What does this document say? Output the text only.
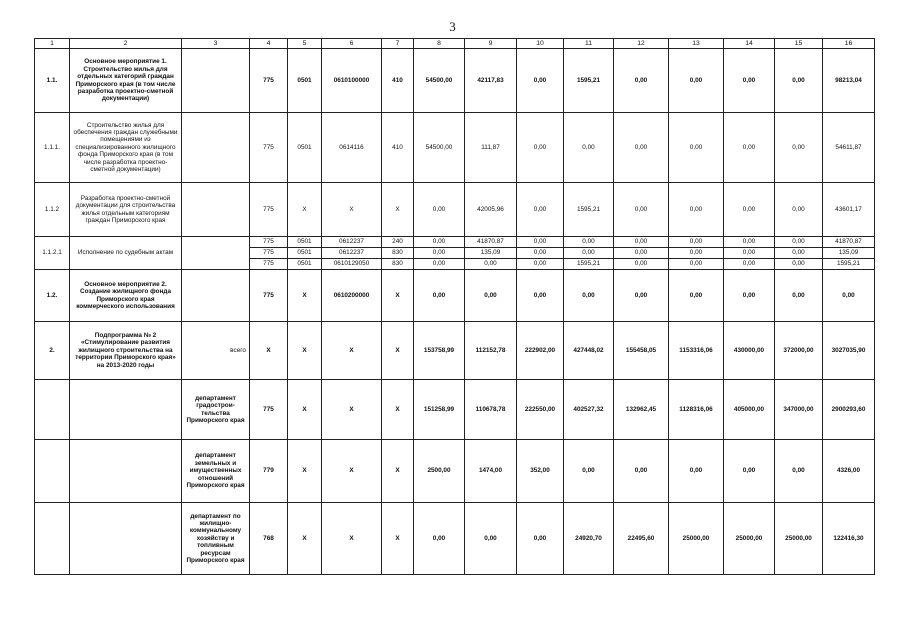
3
1	2	3	4	5	6	7	8	9	10	11	12	13	14	15	16
1.1.	Основное мероприятие 1. Строительство жилья для отдельных категорий граждан Приморского края (в том числе разработка проектно-сметной документации)		775	0501	0610100000	410	54500,00	42117,83	0,00	1595,21	0,00	0,00	0,00	0,00	98213,04
1.1.1.	Строительство жилья для обеспечения граждан служебными помещениями из специализированного жилищного фонда Приморского края (в том числе разработка проектно-сметной документации)		775	0501	0614116	410	54500,00	111,87	0,00	0,00	0,00	0,00	0,00	0,00	54611,87
1.1.2	Разработка проектно-сметной документации для строительства жилья отдельным категориям граждан Приморского края		775	Х	Х	Х	0,00	42005,96	0,00	1595,21	0,00	0,00	0,00	0,00	43601,17
1.1.2.1	Исполнение по судебным актам		775	0501	0612237	240	0,00	41870,87	0,00	0,00	0,00	0,00	0,00	0,00	41870,87
			775	0501	0612237	830	0,00	135,09	0,00	0,00	0,00	0,00	0,00	0,00	135,09
			775	0501	0610129050	830	0,00	0,00	0,00	1595,21	0,00	0,00	0,00	0,00	1595,21
1.2.	Основное мероприятие 2. Создание жилищного фонда Приморского края коммерческого использования		775	Х	0610200000	Х	0,00	0,00	0,00	0,00	0,00	0,00	0,00	0,00	0,00
2.	Подпрограмма № 2 «Стимулирование развития жилищного строительства на территории Приморского края» на 2013-2020 годы	всего	Х	Х	Х	Х	153758,99	112152,78	222902,00	427448,02	155458,05	1153316,06	430000,00	372000,00	3027035,90
		департамент градострои-тельства Приморского края	775	Х	Х	Х	151258,99	110678,78	222550,00	402527,32	132962,45	1128316,06	405000,00	347000,00	2900293,60
		департамент земельных и имущественных отношений Приморского края	779	Х	Х	Х	2500,00	1474,00	352,00	0,00	0,00	0,00	0,00	0,00	4326,00
		департамент по жилищно-коммунальному хозяйству и топливным ресурсам Приморского края	768	Х	Х	Х	0,00	0,00	0,00	24920,70	22495,60	25000,00	25000,00	25000,00	122416,30
